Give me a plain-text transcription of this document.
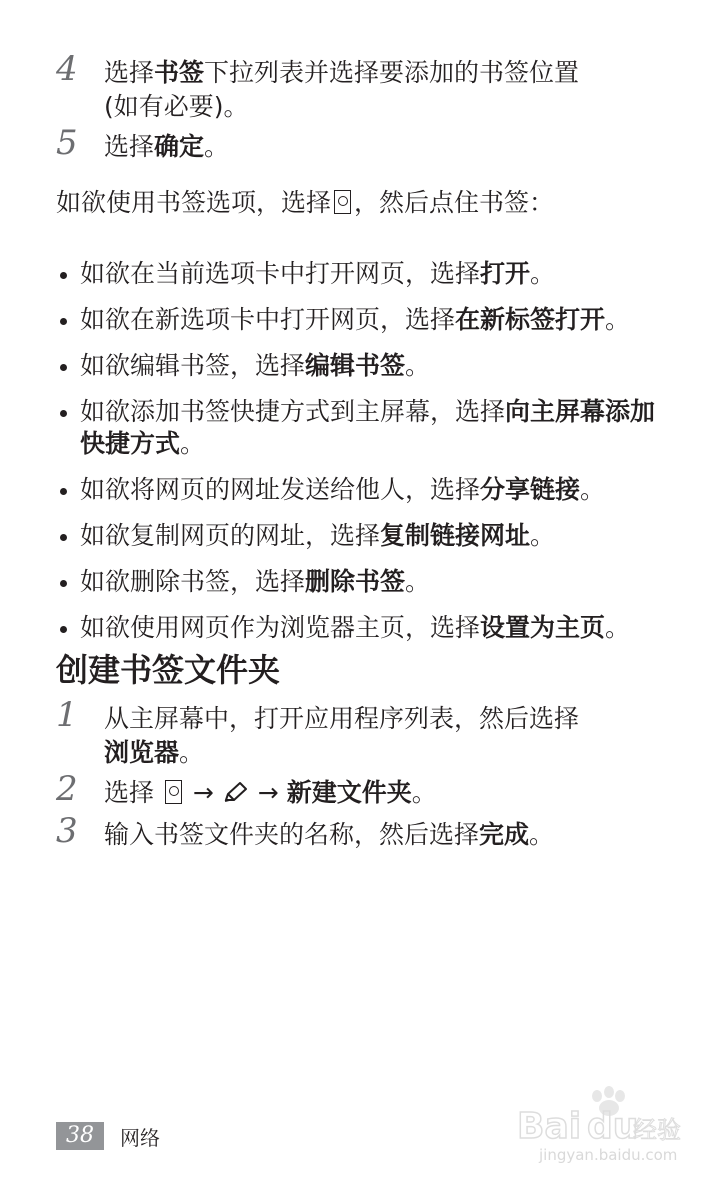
4	选择书签下拉列表并选择要添加的书签位置
(如有必要)。
5	选择确定。
如欲使用书签选项，选择 ，然后点住书签：
如欲在当前选项卡中打开网页，选择打开。
如欲在新选项卡中打开网页，选择在新标签打开。
如欲编辑书签，选择编辑书签。
如欲添加书签快捷方式到主屏幕，选择向主屏幕添加快捷方式。
如欲将网页的网址发送给他人，选择分享链接。
如欲复制网页的网址，选择复制链接网址。
如欲删除书签，选择删除书签。
如欲使用网页作为浏览器主页，选择设置为主页。
创建书签文件夹
1	从主屏幕中，打开应用程序列表，然后选择
浏览器。
2	选择 → → 新建文件夹。
3	输入书签文件夹的名称，然后选择完成。
Bai du
经验
jingyan.baidu.com
38	网络
